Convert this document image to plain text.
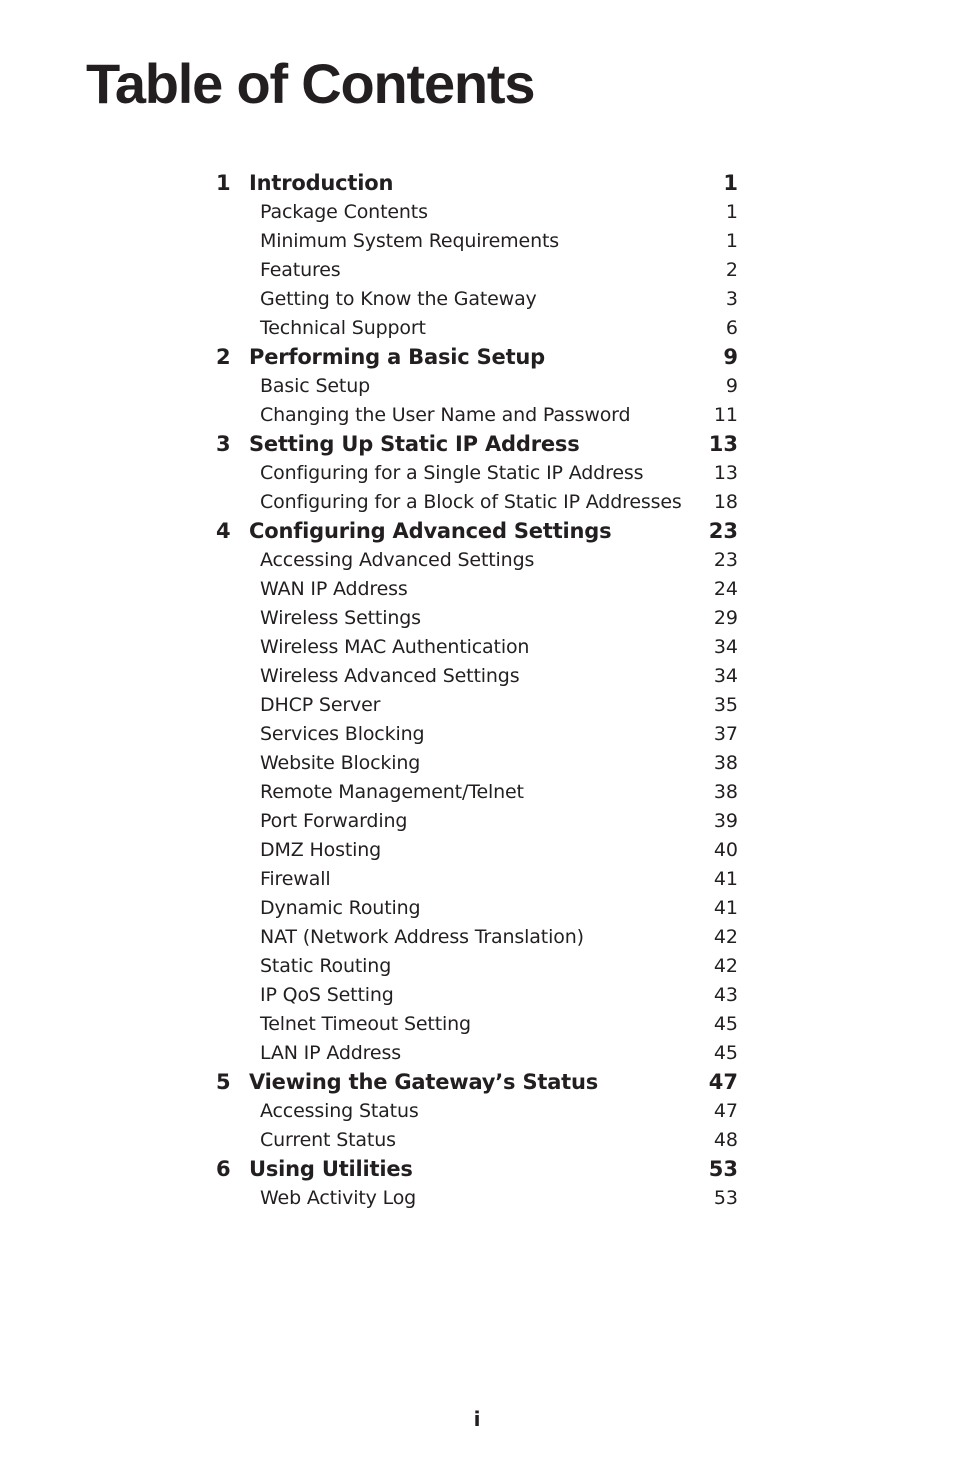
Table of Contents
1 Introduction	1
Package Contents	1
Minimum System Requirements	1
Features	2
Getting to Know the Gateway	3
Technical Support	6
2 Performing a Basic Setup	9
Basic Setup	9
Changing the User Name and Password	11
3 Setting Up Static IP Address	13
Configuring for a Single Static IP Address	13
Configuring for a Block of Static IP Addresses 18
4 Configuring Advanced Settings	23
Accessing Advanced Settings	23
WAN IP Address	24
Wireless Settings	29
Wireless MAC Authentication	34
Wireless Advanced Settings	34
DHCP Server	35
Services Blocking	37
Website Blocking	38
Remote Management/Telnet	38
Port Forwarding	39
DMZ Hosting	40
Firewall	41
Dynamic Routing	41
NAT (Network Address Translation)	42
Static Routing	42
IP QoS Setting	43
Telnet Timeout Setting	45
LAN IP Address	45
5 Viewing the Gateway’s Status	47
Accessing Status	47
Current Status	48
6 Using Utilities	53
Web Activity Log	53
i
